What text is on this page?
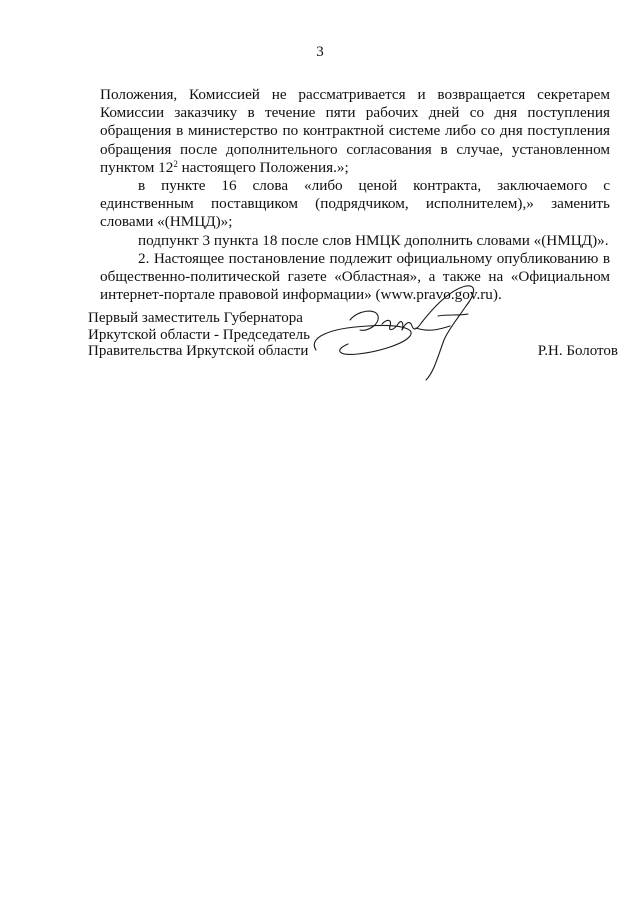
3

Положения, Комиссией не рассматривается и возвращается секретарем Комиссии заказчику в течение пяти рабочих дней со дня поступления обращения в министерство по контрактной системе либо со дня поступления обращения после дополнительного согласования в случае, установленном пунктом $12^2$ настоящего Положения.»;

в пункте 16 слова «либо ценой контракта, заключаемого с единственным поставщиком (подрядчиком, исполнителем),» заменить словами «(НМЦД)»;

подпункт 3 пункта 18 после слов НМЦК дополнить словами «(НМЦД)».

2. Настоящее постановление подлежит официальному опубликованию в общественно-политической газете «Областная», а также на «Официальном интернет-портале правовой информации» (www.pravo.gov.ru).

Первый заместитель Губернатора
Иркутской области - Председатель
Правительства Иркутской области	Р.Н. Болотов
